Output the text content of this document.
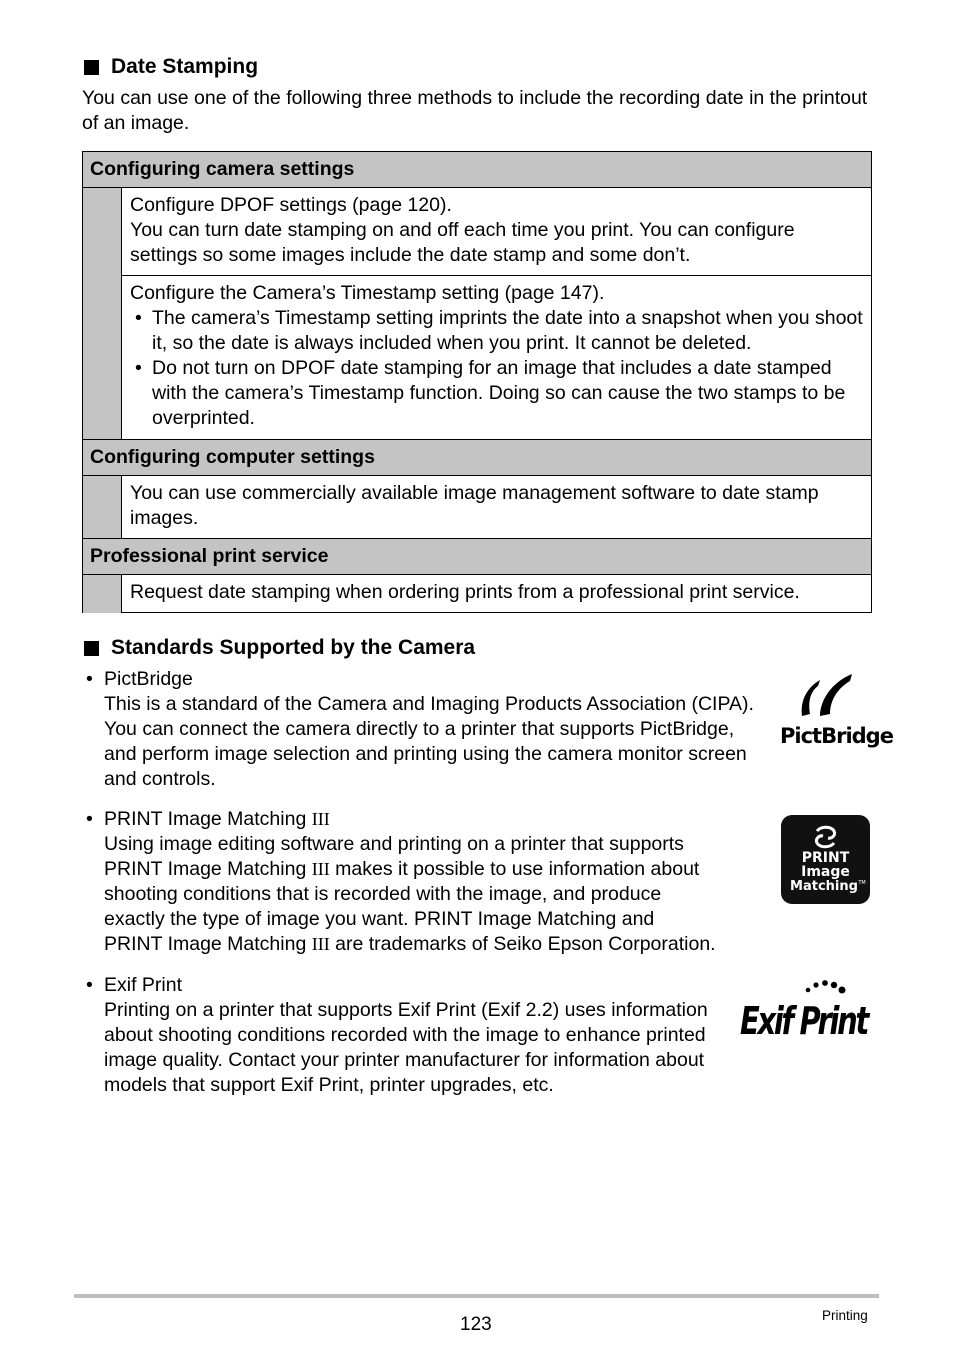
Date Stamping
You can use one of the following three methods to include the recording date in the printout of an image.
Configuring camera settings	

	Configure DPOF settings (page 120).
You can turn date stamping on and off each time you print. You can configure settings so some images include the date stamp and some don’t.

	Configure the Camera’s Timestamp setting (page 147).
• The camera’s Timestamp setting imprints the date into a snapshot when you shoot it, so the date is always included when you print. It cannot be deleted.
• Do not turn on DPOF date stamping for an image that includes a date stamped with the camera’s Timestamp function. Doing so can cause the two stamps to be overprinted.

Configuring computer settings	
	You can use commercially available image management software to date stamp images.
Professional print service	
	Request date stamping when ordering prints from a professional print service.
Standards Supported by the Camera
• PictBridge
This is a standard of the Camera and Imaging Products Association (CIPA). You can connect the camera directly to a printer that supports PictBridge, and perform image selection and printing using the camera monitor screen and controls.
PictBridge
• PRINT Image Matching III
Using image editing software and printing on a printer that supports
PRINT Image Matching III makes it possible to use information about
shooting conditions that is recorded with the image, and produce
exactly the type of image you want. PRINT Image Matching and
PRINT Image Matching III are trademarks of Seiko Epson Corporation.
PRINT
Image
Matching TM
• Exif Print
Printing on a printer that supports Exif Print (Exif 2.2) uses information about shooting conditions recorded with the image to enhance printed image quality. Contact your printer manufacturer for information about models that support Exif Print, printer upgrades, etc.
Exif Print
123	Printing
